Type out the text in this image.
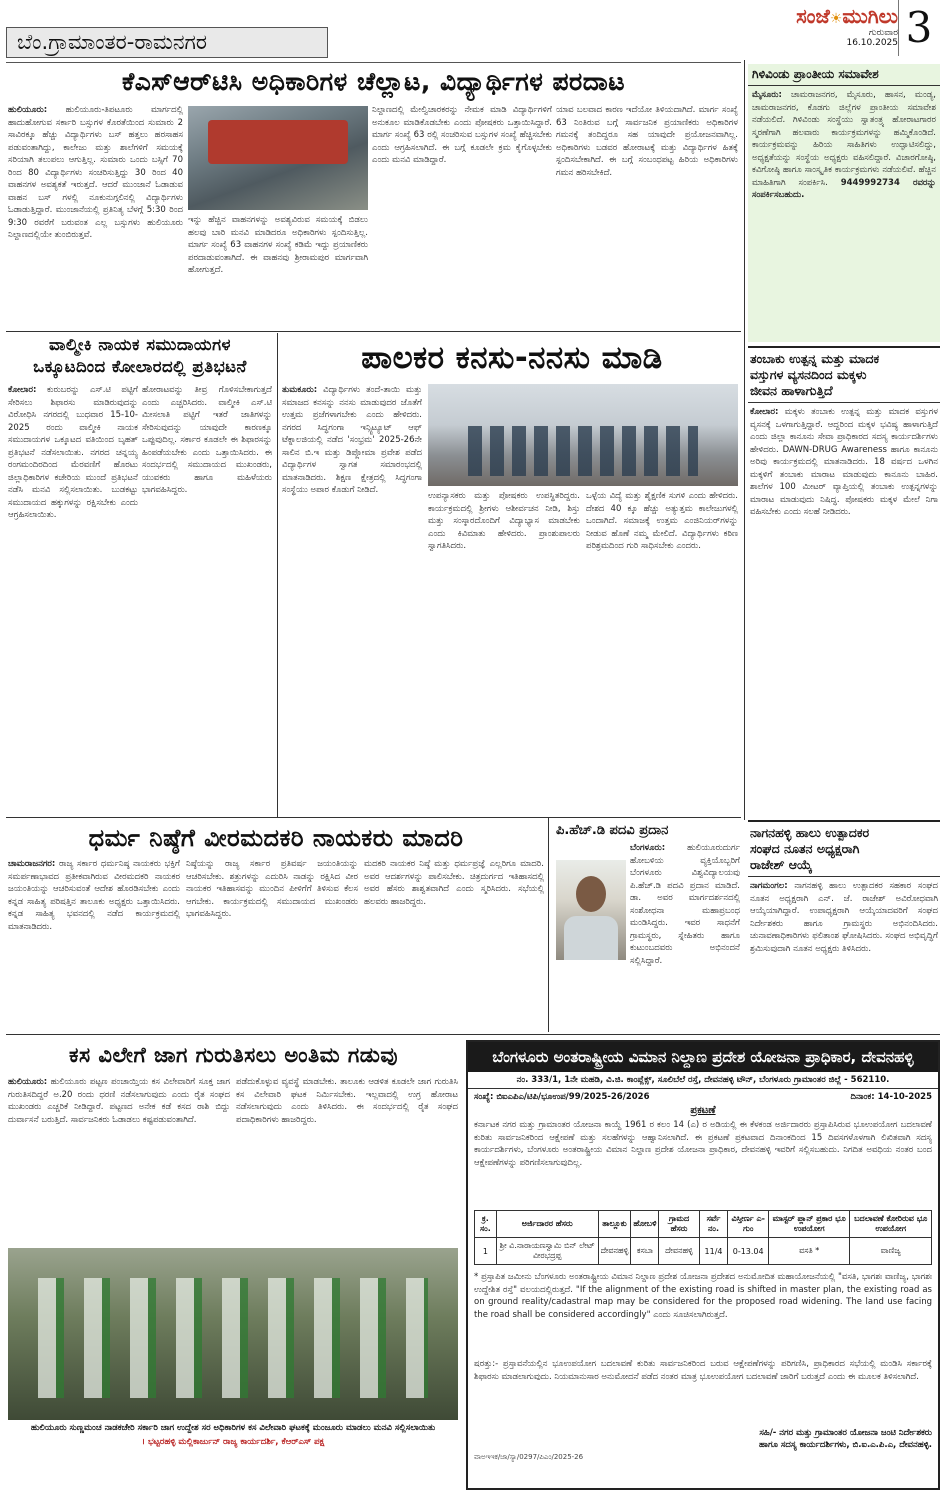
ಬೆಂ.ಗ್ರಾಮಾಂತರ-ರಾಮನಗರ
ಸಂಜೆ☀ಮುಗಿಲು
ಗುರುವಾರ
16.10.2025 3
ಕೆಎಸ್‌ಆರ್‌ಟಿಸಿ ಅಧಿಕಾರಿಗಳ ಚೆಲ್ಲಾಟ, ವಿದ್ಯಾರ್ಥಿಗಳ ಪರದಾಟ
ಹುಲಿಯೂರು: ಹುಲಿಯೂರು-ತಿಪಟೂರು ಮಾರ್ಗದಲ್ಲಿ ಹಾದುಹೋಗುವ ಸರ್ಕಾರಿ ಬಸ್ಸುಗಳ ಕೊರತೆಯಿಂದ ಸುಮಾರು 2 ಸಾವಿರಕ್ಕೂ ಹೆಚ್ಚು ವಿದ್ಯಾರ್ಥಿಗಳು ಬಸ್ ಹತ್ತಲು ಹರಸಾಹಸ ಪಡುವಂತಾಗಿದ್ದು, ಕಾಲೇಜು ಮತ್ತು ಶಾಲೆಗಳಿಗೆ ಸಮಯಕ್ಕೆ ಸರಿಯಾಗಿ ತಲುಪಲು ಆಗುತ್ತಿಲ್ಲ. ಸುಮಾರು ಒಂದು ಬಸ್ಸಿಗೆ 70 ರಿಂದ 80 ವಿದ್ಯಾರ್ಥಿಗಳು ಸಂಚರಿಸುತ್ತಿದ್ದು 30 ರಿಂದ 40 ವಾಹನಗಳ ಅವಶ್ಯಕತೆ ಇರುತ್ತದೆ. ಆದರೆ ಮುಂಜಾನೆ ಓಡಾಡುವ ವಾಹನ ಬಸ್ ಗಳಲ್ಲಿ ನೂಕುನುಗ್ಗಲಿನಲ್ಲಿ ವಿದ್ಯಾರ್ಥಿಗಳು ಓಡಾಡುತ್ತಿದ್ದಾರೆ. ಮುಂಜಾನೆಯಲ್ಲಿ ಪ್ರತಿನಿತ್ಯ ಬೆಳಗ್ಗೆ 5:30 ರಿಂದ 9:30 ರವರೆಗೆ ಬರುವಂತ ಎಲ್ಲ ಬಸ್ಸುಗಳು ಹುಲಿಯೂರು ನಿಲ್ದಾಣದಲ್ಲಿಯೇ ತುಂಬಿರುತ್ತವೆ.
ಇನ್ನು ಹೆಚ್ಚಿನ ವಾಹನಗಳನ್ನು ಅವಶ್ಯವಿರುವ ಸಮಯಕ್ಕೆ ಬಿಡಲು ಹಲವು ಬಾರಿ ಮನವಿ ಮಾಡಿದರೂ ಅಧಿಕಾರಿಗಳು ಸ್ಪಂದಿಸುತ್ತಿಲ್ಲ. ಮಾರ್ಗ ಸಂಖ್ಯೆ 63 ವಾಹನಗಳ ಸಂಖ್ಯೆ ಕಡಿಮೆ ಇದ್ದು ಪ್ರಯಾಣಿಕರು ಪರದಾಡುವಂತಾಗಿದೆ. ಈ ವಾಹನವು ಶ್ರೀರಾಮಪುರ ಮಾರ್ಗವಾಗಿ ಹೋಗುತ್ತದೆ.
ನಿಲ್ದಾಣದಲ್ಲಿ ಮೇಲ್ವಿಚಾರಕರನ್ನು ನೇಮಕ ಮಾಡಿ ವಿದ್ಯಾರ್ಥಿಗಳಿಗೆ ಅನುಕೂಲ ಮಾಡಿಕೊಡಬೇಕು ಎಂದು ಪೋಷಕರು ಒತ್ತಾಯಿಸಿದ್ದಾರೆ. ಮಾರ್ಗ ಸಂಖ್ಯೆ 63 ರಲ್ಲಿ ಸಂಚರಿಸುವ ಬಸ್ಸುಗಳ ಸಂಖ್ಯೆ ಹೆಚ್ಚಿಸಬೇಕು ಎಂದು ಆಗ್ರಹಿಸಲಾಗಿದೆ. ಈ ಬಗ್ಗೆ ಕೂಡಲೇ ಕ್ರಮ ಕೈಗೊಳ್ಳಬೇಕು ಎಂದು ಮನವಿ ಮಾಡಿದ್ದಾರೆ.
ಯಾವ ಬಲವಾದ ಕಾರಣ ಇದೆಯೋ ತಿಳಿಯದಾಗಿದೆ. ಮಾರ್ಗ ಸಂಖ್ಯೆ 63 ನಿಂತಿರುವ ಬಗ್ಗೆ ಸಾರ್ವಜನಿಕ ಪ್ರಯಾಣಿಕರು ಅಧಿಕಾರಿಗಳ ಗಮನಕ್ಕೆ ತಂದಿದ್ದರೂ ಸಹ ಯಾವುದೇ ಪ್ರಯೋಜನವಾಗಿಲ್ಲ. ಅಧಿಕಾರಿಗಳು ಬಡವರ ಹೋರಾಟಕ್ಕೆ ಮತ್ತು ವಿದ್ಯಾರ್ಥಿಗಳ ಹಿತಕ್ಕೆ ಸ್ಪಂದಿಸಬೇಕಾಗಿದೆ. ಈ ಬಗ್ಗೆ ಸಂಬಂಧಪಟ್ಟ ಹಿರಿಯ ಅಧಿಕಾರಿಗಳು ಗಮನ ಹರಿಸಬೇಕಿದೆ.
ಗಿಳಿವಿಂಡು ಪ್ರಾಂತೀಯ ಸಮಾವೇಶ
ಮೈಸೂರು: ಚಾಮರಾಜನಗರ, ಮೈಸೂರು, ಹಾಸನ, ಮಂಡ್ಯ, ಚಾಮರಾಜನಗರ, ಕೊಡಗು ಜಿಲ್ಲೆಗಳ ಪ್ರಾಂತೀಯ ಸಮಾವೇಶ ನಡೆಯಲಿದೆ. ಗಿಳಿವಿಂಡು ಸಂಸ್ಥೆಯು ಸ್ವಾತಂತ್ರ್ಯ ಹೋರಾಟಗಾರರ ಸ್ಮರಣೆಗಾಗಿ ಹಲವಾರು ಕಾರ್ಯಕ್ರಮಗಳನ್ನು ಹಮ್ಮಿಕೊಂಡಿದೆ. ಕಾರ್ಯಕ್ರಮವನ್ನು ಹಿರಿಯ ಸಾಹಿತಿಗಳು ಉದ್ಘಾಟಿಸಲಿದ್ದು, ಅಧ್ಯಕ್ಷತೆಯನ್ನು ಸಂಸ್ಥೆಯ ಅಧ್ಯಕ್ಷರು ವಹಿಸಲಿದ್ದಾರೆ. ವಿಚಾರಗೋಷ್ಠಿ, ಕವಿಗೋಷ್ಠಿ ಹಾಗೂ ಸಾಂಸ್ಕೃತಿಕ ಕಾರ್ಯಕ್ರಮಗಳು ನಡೆಯಲಿವೆ. ಹೆಚ್ಚಿನ ಮಾಹಿತಿಗಾಗಿ ಸಂಪರ್ಕಿಸಿ. 9449992734 ರವರನ್ನು ಸಂಪರ್ಕಿಸಬಹುದು.
ತಂಬಾಕು ಉತ್ಪನ್ನ ಮತ್ತು ಮಾದಕ
ವಸ್ತುಗಳ ವ್ಯಸನದಿಂದ ಮಕ್ಕಳು
ಜೀವನ ಹಾಳಾಗುತ್ತಿದೆ
ಕೋಲಾರ: ಮಕ್ಕಳು ತಂಬಾಕು ಉತ್ಪನ್ನ ಮತ್ತು ಮಾದಕ ವಸ್ತುಗಳ ವ್ಯಸನಕ್ಕೆ ಒಳಗಾಗುತ್ತಿದ್ದಾರೆ. ಆದ್ದರಿಂದ ಮಕ್ಕಳ ಭವಿಷ್ಯ ಹಾಳಾಗುತ್ತಿದೆ ಎಂದು ಜಿಲ್ಲಾ ಕಾನೂನು ಸೇವಾ ಪ್ರಾಧಿಕಾರದ ಸದಸ್ಯ ಕಾರ್ಯದರ್ಶಿಗಳು ಹೇಳಿದರು. DAWN-DRUG Awareness ಹಾಗೂ ಕಾನೂನು ಅರಿವು ಕಾರ್ಯಕ್ರಮದಲ್ಲಿ ಮಾತನಾಡಿದರು. 18 ವರ್ಷದ ಒಳಗಿನ ಮಕ್ಕಳಿಗೆ ತಂಬಾಕು ಮಾರಾಟ ಮಾಡುವುದು ಕಾನೂನು ಬಾಹಿರ. ಶಾಲೆಗಳ 100 ಮೀಟರ್ ವ್ಯಾಪ್ತಿಯಲ್ಲಿ ತಂಬಾಕು ಉತ್ಪನ್ನಗಳನ್ನು ಮಾರಾಟ ಮಾಡುವುದು ನಿಷಿದ್ಧ. ಪೋಷಕರು ಮಕ್ಕಳ ಮೇಲೆ ನಿಗಾ ವಹಿಸಬೇಕು ಎಂದು ಸಲಹೆ ನೀಡಿದರು.
ನಾಗನಹಳ್ಳಿ ಹಾಲು ಉತ್ಪಾದಕರ
ಸಂಘದ ನೂತನ ಅಧ್ಯಕ್ಷರಾಗಿ
ರಾಜೇಶ್ ಆಯ್ಕೆ
ನಾಗಮಂಗಲ: ನಾಗನಹಳ್ಳಿ ಹಾಲು ಉತ್ಪಾದಕರ ಸಹಕಾರ ಸಂಘದ ನೂತನ ಅಧ್ಯಕ್ಷರಾಗಿ ಎನ್. ಜೆ. ರಾಜೇಶ್ ಅವಿರೋಧವಾಗಿ ಆಯ್ಕೆಯಾಗಿದ್ದಾರೆ. ಉಪಾಧ್ಯಕ್ಷರಾಗಿ ಆಯ್ಕೆಯಾದವರಿಗೆ ಸಂಘದ ನಿರ್ದೇಶಕರು ಹಾಗೂ ಗ್ರಾಮಸ್ಥರು ಅಭಿನಂದಿಸಿದರು. ಚುನಾವಣಾಧಿಕಾರಿಗಳು ಫಲಿತಾಂಶ ಘೋಷಿಸಿದರು. ಸಂಘದ ಅಭಿವೃದ್ಧಿಗೆ ಶ್ರಮಿಸುವುದಾಗಿ ನೂತನ ಅಧ್ಯಕ್ಷರು ತಿಳಿಸಿದರು.
ವಾಲ್ಮೀಕಿ ನಾಯಕ ಸಮುದಾಯಗಳ
ಒಕ್ಕೂಟದಿಂದ ಕೋಲಾರದಲ್ಲಿ ಪ್ರತಿಭಟನೆ
ಕೋಲಾರ: ಕುರುಬರನ್ನು ಎಸ್.ಟಿ ಪಟ್ಟಿಗೆ ಸೇರಿಸಲು ಶಿಫಾರಸು ಮಾಡಿರುವುದನ್ನು ವಿರೋಧಿಸಿ ನಗರದಲ್ಲಿ ಬುಧವಾರ 15-10-2025 ರಂದು ವಾಲ್ಮೀಕಿ ನಾಯಕ ಸಮುದಾಯಗಳ ಒಕ್ಕೂಟದ ವತಿಯಿಂದ ಬೃಹತ್ ಪ್ರತಿಭಟನೆ ನಡೆಸಲಾಯಿತು. ನಗರದ ಚನ್ನಯ್ಯ ರಂಗಮಂದಿರದಿಂದ ಮೆರವಣಿಗೆ ಹೊರಟು ಜಿಲ್ಲಾಧಿಕಾರಿಗಳ ಕಚೇರಿಯ ಮುಂದೆ ಪ್ರತಿಭಟನೆ ನಡೆಸಿ ಮನವಿ ಸಲ್ಲಿಸಲಾಯಿತು. ಬುಡಕಟ್ಟು ಸಮುದಾಯದ ಹಕ್ಕುಗಳನ್ನು ರಕ್ಷಿಸಬೇಕು ಎಂದು ಆಗ್ರಹಿಸಲಾಯಿತು.
ಹೋರಾಟವನ್ನು ತೀವ್ರ ಗೊಳಿಸಬೇಕಾಗುತ್ತದೆ ಎಂದು ಎಚ್ಚರಿಸಿದರು. ವಾಲ್ಮೀಕಿ ಎಸ್.ಟಿ ಮೀಸಲಾತಿ ಪಟ್ಟಿಗೆ ಇತರೆ ಜಾತಿಗಳನ್ನು ಸೇರಿಸುವುದನ್ನು ಯಾವುದೇ ಕಾರಣಕ್ಕೂ ಒಪ್ಪುವುದಿಲ್ಲ. ಸರ್ಕಾರ ಕೂಡಲೇ ಈ ಶಿಫಾರಸನ್ನು ಹಿಂಪಡೆಯಬೇಕು ಎಂದು ಒತ್ತಾಯಿಸಿದರು. ಈ ಸಂದರ್ಭದಲ್ಲಿ ಸಮುದಾಯದ ಮುಖಂಡರು, ಯುವಕರು ಹಾಗೂ ಮಹಿಳೆಯರು ಭಾಗವಹಿಸಿದ್ದರು.
ಪಾಲಕರ ಕನಸು-ನನಸು ಮಾಡಿ
ತುಮಕೂರು: ವಿದ್ಯಾರ್ಥಿಗಳು ತಂದೆ-ತಾಯಿ ಮತ್ತು ಸಮಾಜದ ಕನಸನ್ನು ನನಸು ಮಾಡುವುದರ ಜೊತೆಗೆ ಉತ್ತಮ ಪ್ರಜೆಗಳಾಗಬೇಕು ಎಂದು ಹೇಳಿದರು. ನಗರದ ಸಿದ್ಧಗಂಗಾ ಇನ್ಸ್ಟಿಟ್ಯೂಟ್ ಆಫ್ ಟೆಕ್ನಾಲಜಿಯಲ್ಲಿ ನಡೆದ 'ಸಂಭ್ರಮ' 2025-26ನೇ ಸಾಲಿನ ಬಿ.ಇ ಮತ್ತು ಡಿಪ್ಲೋಮಾ ಪ್ರವೇಶ ಪಡೆದ ವಿದ್ಯಾರ್ಥಿಗಳ ಸ್ವಾಗತ ಸಮಾರಂಭದಲ್ಲಿ ಮಾತನಾಡಿದರು. ಶಿಕ್ಷಣ ಕ್ಷೇತ್ರದಲ್ಲಿ ಸಿದ್ಧಗಂಗಾ ಸಂಸ್ಥೆಯು ಅಪಾರ ಕೊಡುಗೆ ನೀಡಿದೆ.
ಉಪನ್ಯಾಸಕರು ಮತ್ತು ಪೋಷಕರು ಉಪಸ್ಥಿತರಿದ್ದರು. ಕಾರ್ಯಕ್ರಮದಲ್ಲಿ ಶ್ರೀಗಳು ಆಶೀರ್ವಚನ ನೀಡಿ, ಶಿಸ್ತು ಮತ್ತು ಸಂಸ್ಕಾರದೊಂದಿಗೆ ವಿದ್ಯಾಭ್ಯಾಸ ಮಾಡಬೇಕು ಎಂದು ಕಿವಿಮಾತು ಹೇಳಿದರು. ಪ್ರಾಂಶುಪಾಲರು ಸ್ವಾಗತಿಸಿದರು.
ಒಳ್ಳೆಯ ವಿದ್ಯೆ ಮತ್ತು ಶೈಕ್ಷಣಿಕ ಸುಗಳಿ ಎಂದು ಹೇಳಿದರು. ದೇಶದ 40 ಕ್ಕೂ ಹೆಚ್ಚು ಅತ್ಯುತ್ತಮ ಕಾಲೇಜುಗಳಲ್ಲಿ ಒಂದಾಗಿದೆ. ಸಮಾಜಕ್ಕೆ ಉತ್ತಮ ಎಂಜಿನಿಯರ್‌ಗಳನ್ನು ನೀಡುವ ಹೊಣೆ ನಮ್ಮ ಮೇಲಿದೆ. ವಿದ್ಯಾರ್ಥಿಗಳು ಕಠಿಣ ಪರಿಶ್ರಮದಿಂದ ಗುರಿ ಸಾಧಿಸಬೇಕು ಎಂದರು.
ಧರ್ಮ ನಿಷ್ಠೆಗೆ ವೀರಮದಕರಿ ನಾಯಕರು ಮಾದರಿ
ಚಾಮರಾಜನಗರ: ರಾಜ್ಯ ಸರ್ಕಾರ ಧರ್ಮನಿಷ್ಠ ನಾಯಕರು ಭಕ್ತಿಗೆ ಸಮರ್ಪಣಾಭಾವದ ಪ್ರತೀಕವಾಗಿರುವ ವೀರಮದಕರಿ ನಾಯಕರ ಜಯಂತಿಯನ್ನು ಆಚರಿಸುವಂತೆ ಆದೇಶ ಹೊರಡಿಸಬೇಕು ಎಂದು ಕನ್ನಡ ಸಾಹಿತ್ಯ ಪರಿಷತ್ತಿನ ತಾಲೂಕು ಅಧ್ಯಕ್ಷರು ಒತ್ತಾಯಿಸಿದರು. ಕನ್ನಡ ಸಾಹಿತ್ಯ ಭವನದಲ್ಲಿ ನಡೆದ ಕಾರ್ಯಕ್ರಮದಲ್ಲಿ ಮಾತನಾಡಿದರು.
ನಿಷ್ಠೆಯನ್ನು ರಾಜ್ಯ ಸರ್ಕಾರ ಪ್ರತಿವರ್ಷ ಜಯಂತಿಯನ್ನು ಆಚರಿಸಬೇಕು. ಶತ್ರುಗಳನ್ನು ಎದುರಿಸಿ ನಾಡನ್ನು ರಕ್ಷಿಸಿದ ವೀರ ನಾಯಕರ ಇತಿಹಾಸವನ್ನು ಮುಂದಿನ ಪೀಳಿಗೆಗೆ ತಿಳಿಸುವ ಕೆಲಸ ಆಗಬೇಕು. ಕಾರ್ಯಕ್ರಮದಲ್ಲಿ ಸಮುದಾಯದ ಮುಖಂಡರು ಭಾಗವಹಿಸಿದ್ದರು.
ಮದಕರಿ ನಾಯಕರ ನಿಷ್ಠೆ ಮತ್ತು ಧರ್ಮಪ್ರಜ್ಞೆ ಎಲ್ಲರಿಗೂ ಮಾದರಿ. ಅವರ ಆದರ್ಶಗಳನ್ನು ಪಾಲಿಸಬೇಕು. ಚಿತ್ರದುರ್ಗದ ಇತಿಹಾಸದಲ್ಲಿ ಅವರ ಹೆಸರು ಶಾಶ್ವತವಾಗಿದೆ ಎಂದು ಸ್ಮರಿಸಿದರು. ಸಭೆಯಲ್ಲಿ ಹಲವರು ಹಾಜರಿದ್ದರು.
ಪಿ.ಹೆಚ್.ಡಿ ಪದವಿ ಪ್ರದಾನ
ಬೆಂಗಳೂರು:	ಹುಲಿಯೂರುದುರ್ಗ ಹೋಬಳಿಯ ವ್ಯಕ್ತಿಯೊಬ್ಬರಿಗೆ ಬೆಂಗಳೂರು ವಿಶ್ವವಿದ್ಯಾಲಯವು ಪಿ.ಹೆಚ್.ಡಿ ಪದವಿ ಪ್ರದಾನ ಮಾಡಿದೆ. ಡಾ. ಅವರ ಮಾರ್ಗದರ್ಶನದಲ್ಲಿ ಸಂಶೋಧನಾ ಮಹಾಪ್ರಬಂಧ ಮಂಡಿಸಿದ್ದರು. ಇವರ ಸಾಧನೆಗೆ ಗ್ರಾಮಸ್ಥರು, ಸ್ನೇಹಿತರು ಹಾಗೂ ಕುಟುಂಬದವರು ಅಭಿನಂದನೆ ಸಲ್ಲಿಸಿದ್ದಾರೆ.
ಕಸ ವಿಲೇಗೆ ಜಾಗ ಗುರುತಿಸಲು ಅಂತಿಮ ಗಡುವು
ಹುಲಿಯೂರು: ಹುಲಿಯೂರು ಪಟ್ಟಣ ಪಂಚಾಯ್ತಿಯ ಕಸ ವಿಲೇವಾರಿಗೆ ಸೂಕ್ತ ಜಾಗ ಗುರುತಿಸದಿದ್ದರೆ ಅ.20 ರಂದು ಧರಣಿ ನಡೆಸಲಾಗುವುದು ಎಂದು ರೈತ ಸಂಘದ ಮುಖಂಡರು ಎಚ್ಚರಿಕೆ ನೀಡಿದ್ದಾರೆ. ಪಟ್ಟಣದ ಅನೇಕ ಕಡೆ ಕಸದ ರಾಶಿ ಬಿದ್ದು ದುರ್ವಾಸನೆ ಬರುತ್ತಿದೆ. ಸಾರ್ವಜನಿಕರು ಓಡಾಡಲು ಕಷ್ಟಪಡುವಂತಾಗಿದೆ.
ಪಡೆದುಕೊಳ್ಳುವ ವ್ಯವಸ್ಥೆ ಮಾಡಬೇಕು. ತಾಲೂಕು ಆಡಳಿತ ಕೂಡಲೇ ಜಾಗ ಗುರುತಿಸಿ ಕಸ ವಿಲೇವಾರಿ ಘಟಕ ನಿರ್ಮಿಸಬೇಕು. ಇಲ್ಲವಾದಲ್ಲಿ ಉಗ್ರ ಹೋರಾಟ ನಡೆಸಲಾಗುವುದು ಎಂದು ತಿಳಿಸಿದರು. ಈ ಸಂದರ್ಭದಲ್ಲಿ ರೈತ ಸಂಘದ ಪದಾಧಿಕಾರಿಗಳು ಹಾಜರಿದ್ದರು.
ಹುಲಿಯೂರು ಸುಣ್ಣಮಂಚ ನಾಡಕಚೇರಿ ಸರ್ಕಾರಿ ಜಾಗ ಉದ್ದೇಶ ಸರ ಅಧಿಕಾರಿಗಳ ಕಸ ವಿಲೇವಾರಿ ಘಟಕಕ್ಕೆ ಮಂಜೂರು ಮಾಡಲು ಮನವಿ ಸಲ್ಲಿಸಲಾಯಿತು
। ಭಟ್ಟರಹಳ್ಳಿ ಮಲ್ಲಿಕಾರ್ಜುನ್ ರಾಜ್ಯ ಕಾರ್ಯದರ್ಶಿ, ಕೆಆರ್‌ಎಸ್ ಪಕ್ಷ
ಬೆಂಗಳೂರು ಅಂತರಾಷ್ಟ್ರೀಯ ವಿಮಾನ ನಿಲ್ದಾಣ ಪ್ರದೇಶ ಯೋಜನಾ ಪ್ರಾಧಿಕಾರ, ದೇವನಹಳ್ಳಿ
ನಂ. 333/1, 1ನೇ ಮಹಡಿ, ವಿ.ಜಿ. ಕಾಂಪ್ಲೆಕ್ಸ್, ಸೂಲಿಬೆಲೆ ರಸ್ತೆ, ದೇವನಹಳ್ಳಿ ಟೌನ್, ಬೆಂಗಳೂರು ಗ್ರಾಮಾಂತರ ಜಿಲ್ಲೆ - 562110.
ಸಂಖ್ಯೆ: ಬಿಐಎಪಿಎ/ಟಿಪಿ/ಭೂಉಪ/99/2025-26/2026	ದಿನಾಂಕ: 14-10-2025
ಪ್ರಕಟಣೆ
ಕರ್ನಾಟಕ ನಗರ ಮತ್ತು ಗ್ರಾಮಾಂತರ ಯೋಜನಾ ಕಾಯ್ದೆ 1961 ರ ಕಲಂ 14 (ಎ) ರ ಅಡಿಯಲ್ಲಿ ಈ ಕೆಳಕಂಡ ಅರ್ಜಿದಾರರು ಪ್ರಸ್ತಾಪಿಸಿರುವ ಭೂಉಪಯೋಗ ಬದಲಾವಣೆ ಕುರಿತು ಸಾರ್ವಜನಿಕರಿಂದ ಆಕ್ಷೇಪಣೆ ಮತ್ತು ಸಲಹೆಗಳನ್ನು ಆಹ್ವಾನಿಸಲಾಗಿದೆ. ಈ ಪ್ರಕಟಣೆ ಪ್ರಕಟವಾದ ದಿನಾಂಕದಿಂದ 15 ದಿವಸಗಳೊಳಗಾಗಿ ಲಿಖಿತವಾಗಿ ಸದಸ್ಯ ಕಾರ್ಯದರ್ಶಿಗಳು, ಬೆಂಗಳೂರು ಅಂತರಾಷ್ಟ್ರೀಯ ವಿಮಾನ ನಿಲ್ದಾಣ ಪ್ರದೇಶ ಯೋಜನಾ ಪ್ರಾಧಿಕಾರ, ದೇವನಹಳ್ಳಿ ಇವರಿಗೆ ಸಲ್ಲಿಸಬಹುದು. ನಿಗದಿತ ಅವಧಿಯ ನಂತರ ಬಂದ ಆಕ್ಷೇಪಣೆಗಳನ್ನು ಪರಿಗಣಿಸಲಾಗುವುದಿಲ್ಲ.
ಕ್ರ. ಸಂ.	ಅರ್ಜಿದಾರರ ಹೆಸರು	ತಾಲ್ಲೂಕು	ಹೋಬಳಿ	ಗ್ರಾಮದ ಹೆಸರು	ಸರ್ವೆ ನಂ.	ವಿಸ್ತೀರ್ಣ ಎ-ಗುಂ	ಮಾಸ್ಟರ್ ಪ್ಲಾನ್ ಪ್ರಕಾರ ಭೂ ಉಪಯೋಗ	ಬದಲಾವಣೆ ಕೋರಿರುವ ಭೂ ಉಪಯೋಗ
1	ಶ್ರೀ ವಿ.ನಾರಾಯಣಸ್ವಾಮಿ ಬಿನ್ ಲೇಟ್ ವೀರಭದ್ರಪ್ಪ	ದೇವನಹಳ್ಳಿ	ಕಸಬಾ	ದೇವನಹಳ್ಳಿ	11/4	0-13.04	ವಸತಿ *	ವಾಣಿಜ್ಯ
* ಪ್ರಸ್ತಾಪಿತ ಜಮೀನು ಬೆಂಗಳೂರು ಅಂತರಾಷ್ಟ್ರೀಯ ವಿಮಾನ ನಿಲ್ದಾಣ ಪ್ರದೇಶ ಯೋಜನಾ ಪ್ರದೇಶದ ಅನುಮೋದಿತ ಮಹಾಯೋಜನೆಯಲ್ಲಿ "ವಸತಿ, ಭಾಗಶಃ ವಾಣಿಜ್ಯ, ಭಾಗಶಃ ಉದ್ದೇಶಿತ ರಸ್ತೆ" ವಲಯದಲ್ಲಿರುತ್ತದೆ. "If the alignment of the existing road is shifted in master plan, the existing road as on ground reality/cadastral map may be considered for the proposed road widening. The land use facing the road shall be considered accordingly" ಎಂದು ಸೂಚಿಸಲಾಗಿರುತ್ತದೆ.
ಷರತ್ತು:- ಪ್ರಸ್ತಾವನೆಯಲ್ಲಿನ ಭೂಉಪಯೋಗ ಬದಲಾವಣೆ ಕುರಿತು ಸಾರ್ವಜನಿಕರಿಂದ ಬರುವ ಆಕ್ಷೇಪಣೆಗಳನ್ನು ಪರಿಗಣಿಸಿ, ಪ್ರಾಧಿಕಾರದ ಸಭೆಯಲ್ಲಿ ಮಂಡಿಸಿ ಸರ್ಕಾರಕ್ಕೆ ಶಿಫಾರಸು ಮಾಡಲಾಗುವುದು. ನಿಯಮಾನುಸಾರ ಅನುಮೋದನೆ ಪಡೆದ ನಂತರ ಮಾತ್ರ ಭೂಉಪಯೋಗ ಬದಲಾವಣೆ ಜಾರಿಗೆ ಬರುತ್ತದೆ ಎಂದು ಈ ಮೂಲಕ ತಿಳಿಸಲಾಗಿದೆ.
ಸಹಿ/- ನಗರ ಮತ್ತು ಗ್ರಾಮಾಂತರ ಯೋಜನಾ ಜಂಟಿ ನಿರ್ದೇಶಕರು
ಹಾಗೂ ಸದಸ್ಯ ಕಾರ್ಯದರ್ಶಿಗಳು, ಬಿ.ಐ.ಎ.ಪಿ.ಎ, ದೇವನಹಳ್ಳಿ.
ವಾಅಇಇಕ/ಜಾ/ಸ್ಯಾ/0297/ಪಿಎಂ/2025-26
